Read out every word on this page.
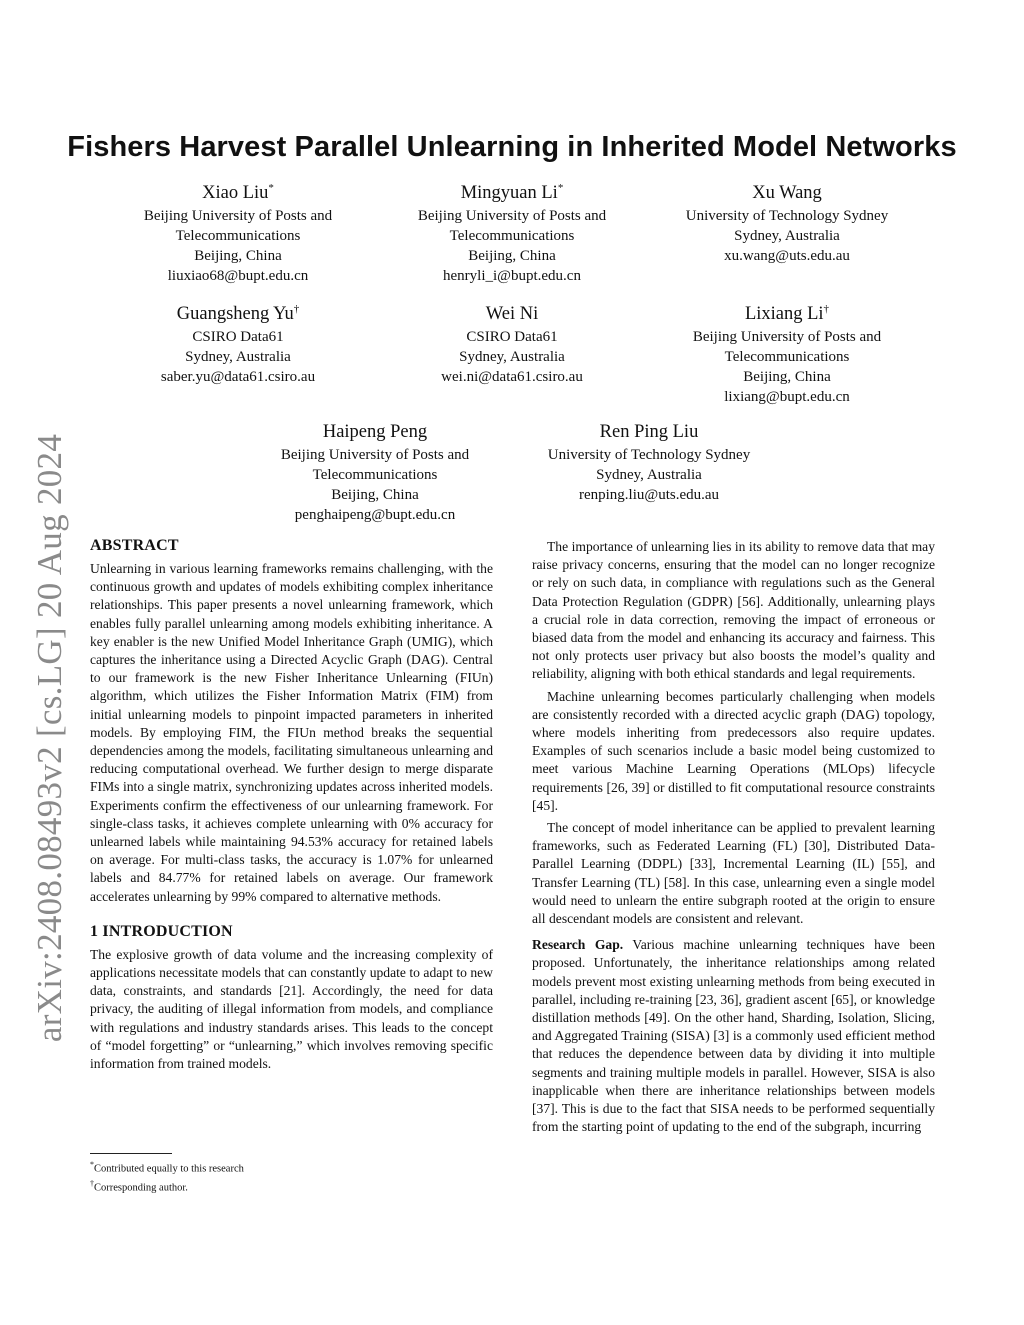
arXiv:2408.08493v2 [cs.LG] 20 Aug 2024
Fishers Harvest Parallel Unlearning in Inherited Model Networks
Xiao Liu*
Beijing University of Posts and
Telecommunications
Beijing, China
liuxiao68@bupt.edu.cn
Mingyuan Li*
Beijing University of Posts and
Telecommunications
Beijing, China
henryli_i@bupt.edu.cn
Xu Wang
University of Technology Sydney
Sydney, Australia
xu.wang@uts.edu.au
Guangsheng Yu†
CSIRO Data61
Sydney, Australia
saber.yu@data61.csiro.au
Wei Ni
CSIRO Data61
Sydney, Australia
wei.ni@data61.csiro.au
Lixiang Li†
Beijing University of Posts and
Telecommunications
Beijing, China
lixiang@bupt.edu.cn
Haipeng Peng
Beijing University of Posts and
Telecommunications
Beijing, China
penghaipeng@bupt.edu.cn
Ren Ping Liu
University of Technology Sydney
Sydney, Australia
renping.liu@uts.edu.au
ABSTRACT

Unlearning in various learning frameworks remains challenging, with the continuous growth and updates of models exhibiting complex inheritance relationships. This paper presents a novel unlearning framework, which enables fully parallel unlearning among models exhibiting inheritance. A key enabler is the new Unified Model Inheritance Graph (UMIG), which captures the inheritance using a Directed Acyclic Graph (DAG). Central to our framework is the new Fisher Inheritance Unlearning (FIUn) algorithm, which utilizes the Fisher Information Matrix (FIM) from initial unlearning models to pinpoint impacted parameters in inherited models. By employing FIM, the FIUn method breaks the sequential dependencies among the models, facilitating simultaneous unlearning and reducing computational overhead. We further design to merge disparate FIMs into a single matrix, synchronizing updates across inherited models. Experiments confirm the effectiveness of our unlearning framework. For single-class tasks, it achieves complete unlearning with 0% accuracy for unlearned labels while maintaining 94.53% accuracy for retained labels on average. For multi-class tasks, the accuracy is 1.07% for unlearned labels and 84.77% for retained labels on average. Our framework accelerates unlearning by 99% compared to alternative methods.

1 INTRODUCTION

The explosive growth of data volume and the increasing complexity of applications necessitate models that can constantly update to adapt to new data, constraints, and standards [21]. Accordingly, the need for data privacy, the auditing of illegal information from models, and compliance with regulations and industry standards arises. This leads to the concept of “model forgetting” or “unlearning,” which involves removing specific information from trained models.

The importance of unlearning lies in its ability to remove data that may raise privacy concerns, ensuring that the model can no longer recognize or rely on such data, in compliance with regulations such as the General Data Protection Regulation (GDPR) [56]. Additionally, unlearning plays a crucial role in data correction, removing the impact of erroneous or biased data from the model and enhancing its accuracy and fairness. This not only protects user privacy but also boosts the model’s quality and reliability, aligning with both ethical standards and legal requirements.

Machine unlearning becomes particularly challenging when models are consistently recorded with a directed acyclic graph (DAG) topology, where models inheriting from predecessors also require updates. Examples of such scenarios include a basic model being customized to meet various Machine Learning Operations (MLOps) lifecycle requirements [26, 39] or distilled to fit computational resource constraints [45].

The concept of model inheritance can be applied to prevalent learning frameworks, such as Federated Learning (FL) [30], Distributed Data-Parallel Learning (DDPL) [33], Incremental Learning (IL) [55], and Transfer Learning (TL) [58]. In this case, unlearning even a single model would need to unlearn the entire subgraph rooted at the origin to ensure all descendant models are consistent and relevant.

Research Gap. Various machine unlearning techniques have been proposed. Unfortunately, the inheritance relationships among related models prevent most existing unlearning methods from being executed in parallel, including re-training [23, 36], gradient ascent [65], or knowledge distillation methods [49]. On the other hand, Sharding, Isolation, Slicing, and Aggregated Training (SISA) [3] is a commonly used efficient method that reduces the dependence between data by dividing it into multiple segments and training multiple models in parallel. However, SISA is also inapplicable when there are inheritance relationships between models [37]. This is due to the fact that SISA needs to be performed sequentially from the starting point of updating to the end of the subgraph, incurring

*Contributed equally to this research
†Corresponding author.
